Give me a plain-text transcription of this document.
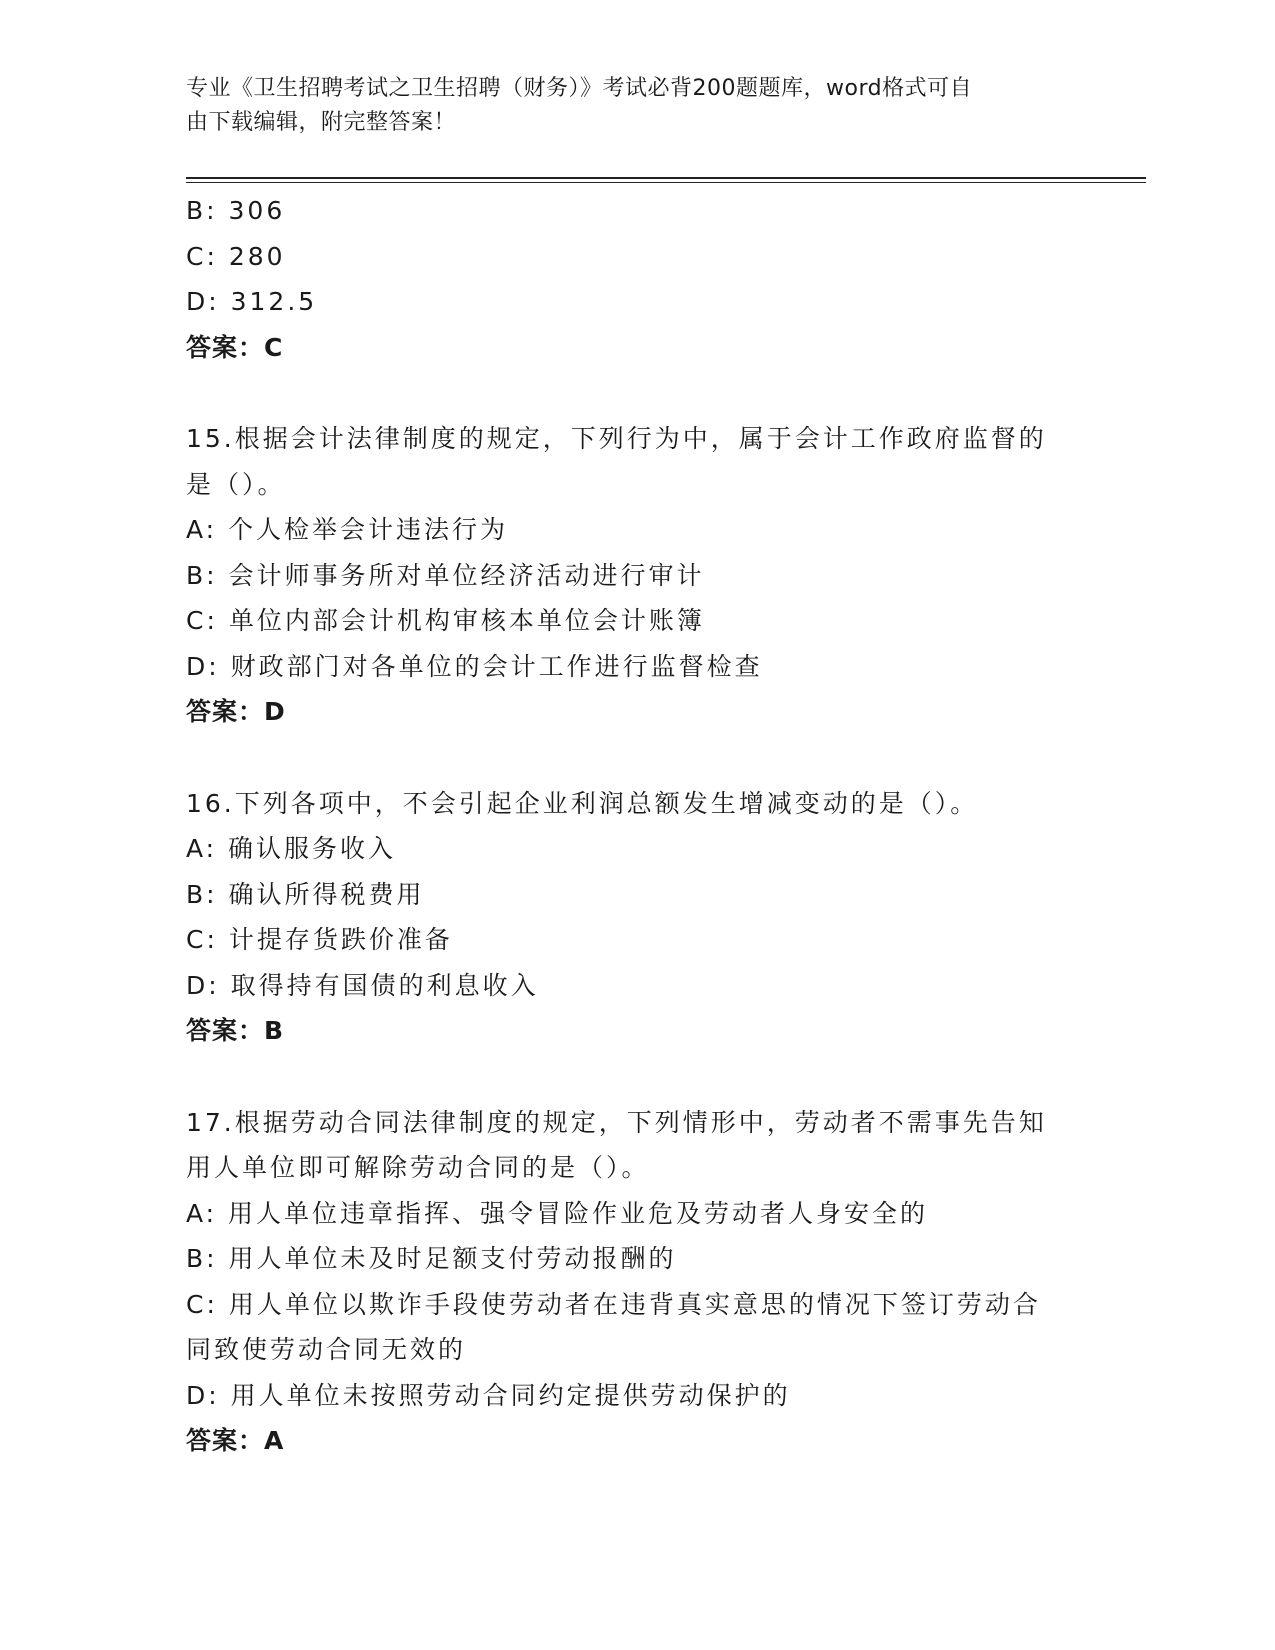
专业《卫生招聘考试之卫生招聘（财务）》考试必背200题题库，word格式可自
由下载编辑，附完整答案！
B: 306
C: 280
D: 312.5
答案：C
15.根据会计法律制度的规定，下列行为中，属于会计工作政府监督的
是（）。
A: 个人检举会计违法行为
B: 会计师事务所对单位经济活动进行审计
C: 单位内部会计机构审核本单位会计账簿
D: 财政部门对各单位的会计工作进行监督检查
答案：D
16.下列各项中，不会引起企业利润总额发生增减变动的是（）。
A: 确认服务收入
B: 确认所得税费用
C: 计提存货跌价准备
D: 取得持有国债的利息收入
答案：B
17.根据劳动合同法律制度的规定，下列情形中，劳动者不需事先告知
用人单位即可解除劳动合同的是（）。
A: 用人单位违章指挥、强令冒险作业危及劳动者人身安全的
B: 用人单位未及时足额支付劳动报酬的
C: 用人单位以欺诈手段使劳动者在违背真实意思的情况下签订劳动合
同致使劳动合同无效的
D: 用人单位未按照劳动合同约定提供劳动保护的
答案：A
